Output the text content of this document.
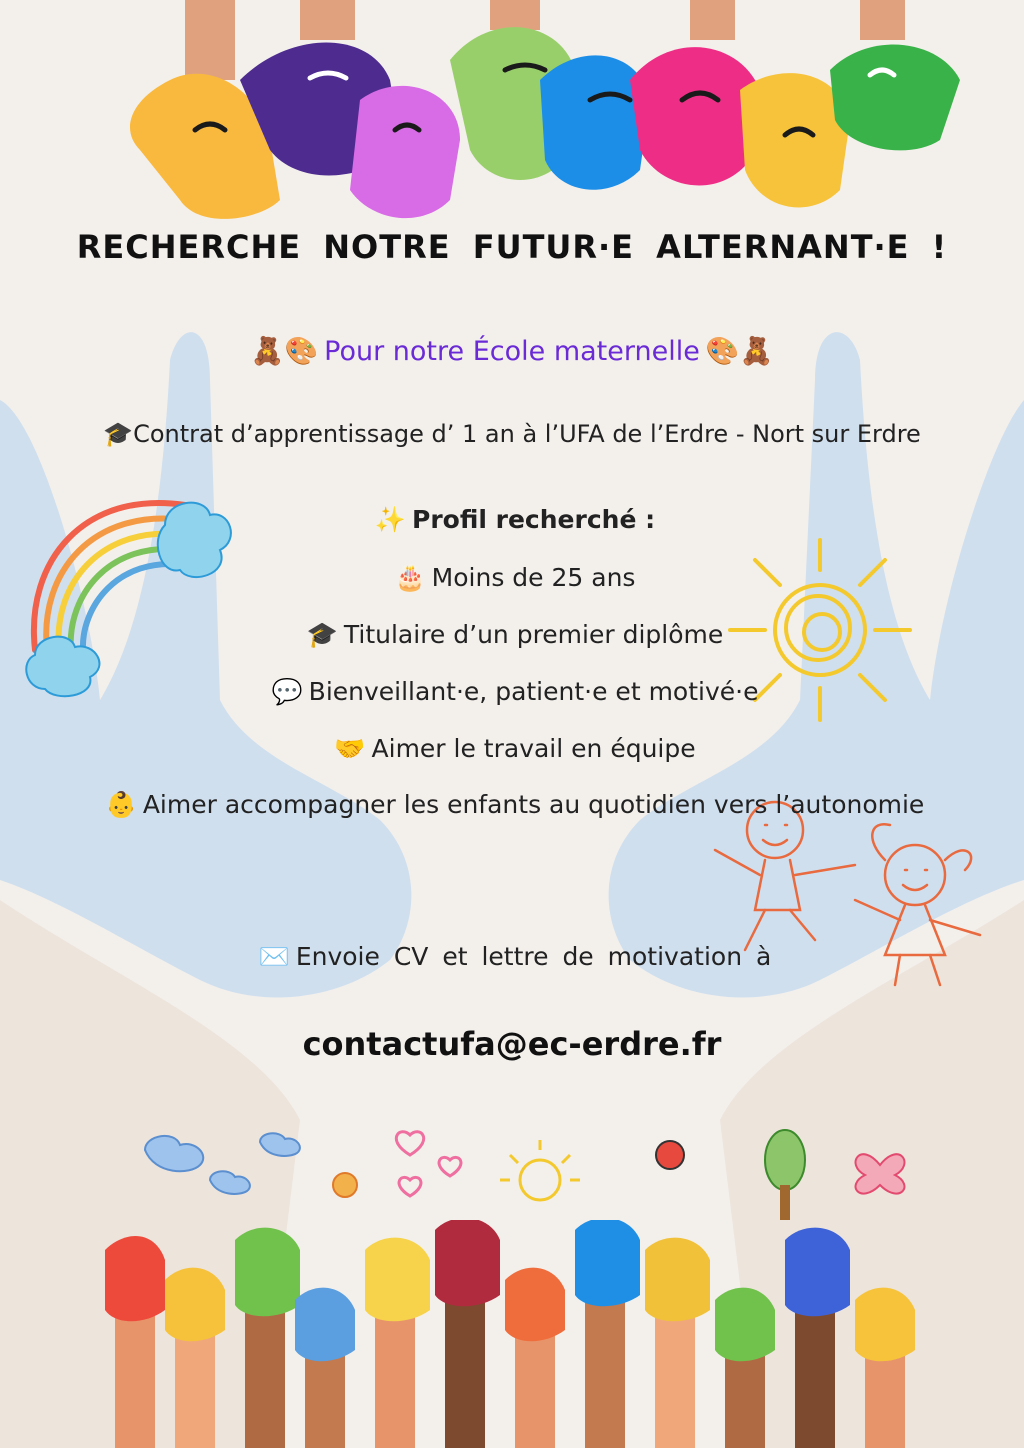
RECHERCHE NOTRE FUTUR·E ALTERNANT·E !
🧸🎨 Pour notre École maternelle 🎨🧸
🎓Contrat d’apprentissage d’ 1 an à l’UFA de l’Erdre - Nort sur Erdre
✨ Profil recherché :
🎂 Moins de 25 ans
🎓 Titulaire d’un premier diplôme
💬 Bienveillant·e, patient·e et motivé·e
🤝 Aimer le travail en équipe
👶 Aimer accompagner les enfants au quotidien vers l’autonomie
✉️ Envoie CV et lettre de motivation à
contactufa@ec-erdre.fr
